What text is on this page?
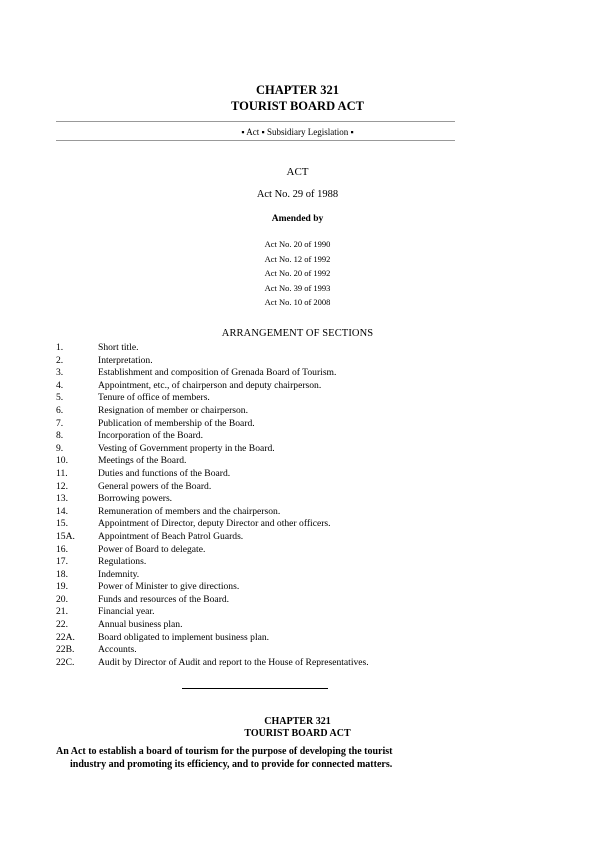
CHAPTER 321
TOURIST BOARD ACT
▪ Act ▪ Subsidiary Legislation ▪
ACT
Act No. 29 of 1988
Amended by
Act No. 20 of 1990
Act No. 12 of 1992
Act No. 20 of 1992
Act No. 39 of 1993
Act No. 10 of 2008
ARRANGEMENT OF SECTIONS
1.	Short title.
2.	Interpretation.
3.	Establishment and composition of Grenada Board of Tourism.
4.	Appointment, etc., of chairperson and deputy chairperson.
5.	Tenure of office of members.
6.	Resignation of member or chairperson.
7.	Publication of membership of the Board.
8.	Incorporation of the Board.
9.	Vesting of Government property in the Board.
10.	Meetings of the Board.
11.	Duties and functions of the Board.
12.	General powers of the Board.
13.	Borrowing powers.
14.	Remuneration of members and the chairperson.
15.	Appointment of Director, deputy Director and other officers.
15A.	Appointment of Beach Patrol Guards.
16.	Power of Board to delegate.
17.	Regulations.
18.	Indemnity.
19.	Power of Minister to give directions.
20.	Funds and resources of the Board.
21.	Financial year.
22.	Annual business plan.
22A.	Board obligated to implement business plan.
22B.	Accounts.
22C.	Audit by Director of Audit and report to the House of Representatives.
CHAPTER 321
TOURIST BOARD ACT
An Act to establish a board of tourism for the purpose of developing the tourist
industry and promoting its efficiency, and to provide for connected matters.
